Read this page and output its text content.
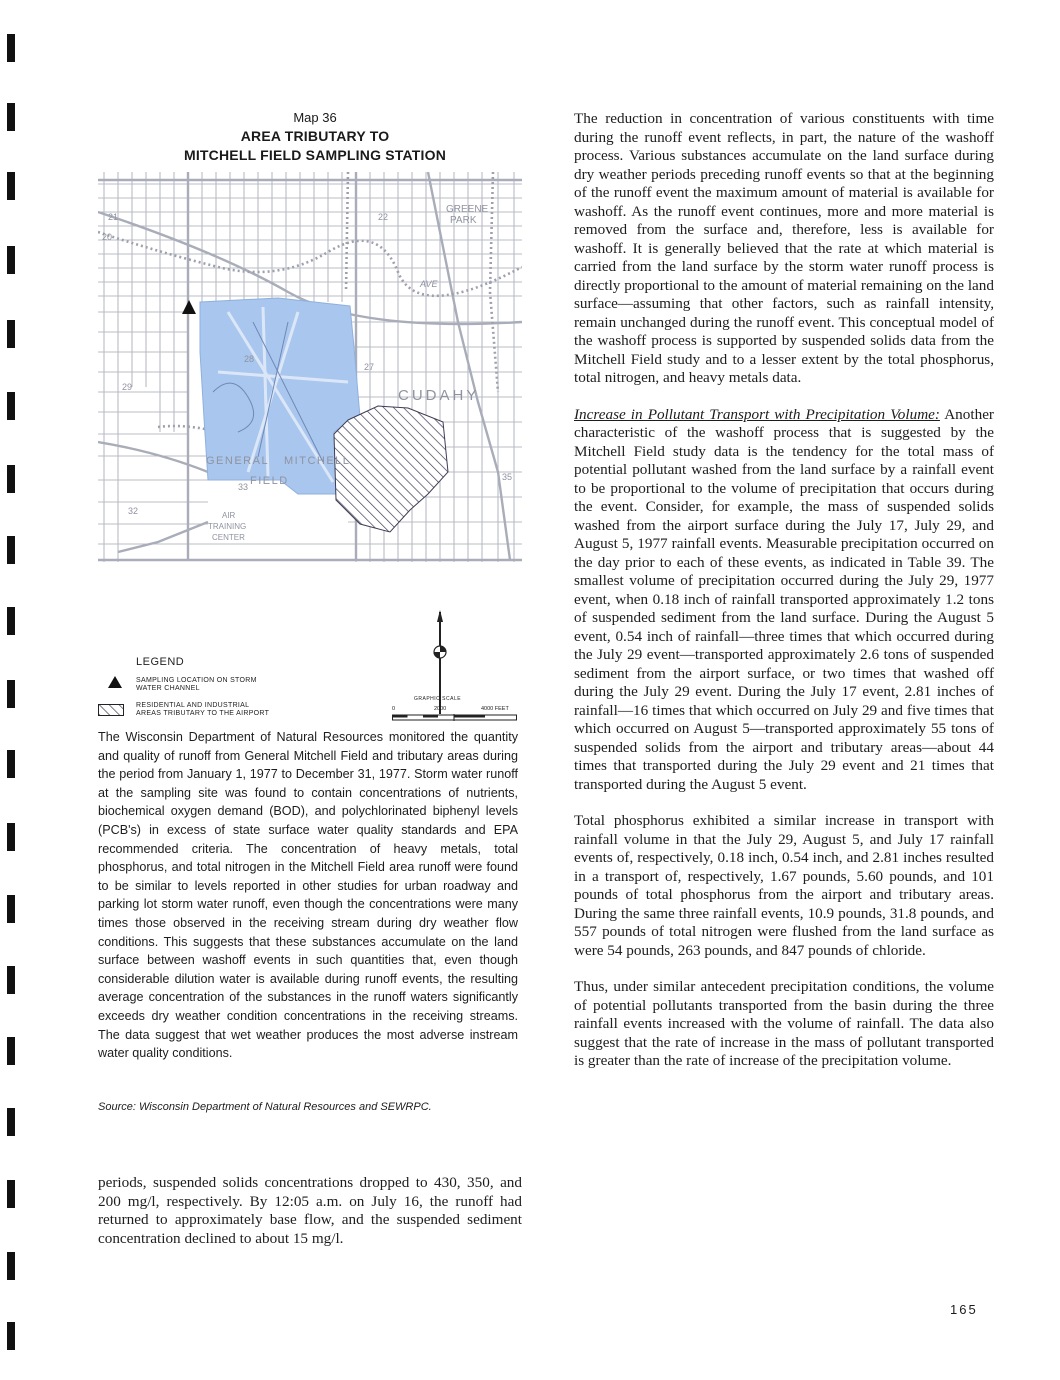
Map 36
AREA TRIBUTARY TO
MITCHELL FIELD SAMPLING STATION
GREENE
PARK
AVE
CUDAHY
GENERAL MITCHELL
FIELD
AIR
TRAINING
CENTER
20
21	22
27
28
29
32
33
35
LEGEND
SAMPLING LOCATION ON STORM
WATER CHANNEL
RESIDENTIAL AND INDUSTRIAL
AREAS TRIBUTARY TO THE AIRPORT
GRAPHIC SCALE
0	2000	4000 FEET

The Wisconsin Department of Natural Resources monitored the quantity and quality of runoff from General Mitchell Field and tributary areas during the period from January 1, 1977 to December 31, 1977. Storm water runoff at the sampling site was found to contain concentrations of nutrients, biochemical oxygen demand (BOD), and polychlorinated biphenyl levels (PCB's) in excess of state surface water quality standards and EPA recommended criteria. The concentration of heavy metals, total phosphorus, and total nitrogen in the Mitchell Field area runoff were found to be similar to levels reported in other studies for urban roadway and parking lot storm water runoff, even though the concentrations were many times those observed in the receiving stream during dry weather flow conditions. This suggests that these substances accumulate on the land surface between washoff events in such quantities that, even though considerable dilution water is available during runoff events, the resulting average concentration of the substances in the runoff waters significantly exceeds dry weather condition concentrations in the receiving streams. The data suggest that wet weather produces the most adverse instream water quality conditions.

Source: Wisconsin Department of Natural Resources and SEWRPC.

periods, suspended solids concentrations dropped to 430, 350, and 200 mg/l, respectively. By 12:05 a.m. on July 16, the runoff had returned to approximately base flow, and the suspended sediment concentration declined to about 15 mg/l.

The reduction in concentration of various constituents with time during the runoff event reflects, in part, the nature of the washoff process. Various substances accumulate on the land surface during dry weather periods preceding runoff events so that at the beginning of the runoff event the maximum amount of material is available for washoff. As the runoff event continues, more and more material is removed from the surface and, therefore, less is available for washoff. It is generally believed that the rate at which material is carried from the land surface by the storm water runoff process is directly proportional to the amount of material remaining on the land surface—assuming that other factors, such as rainfall intensity, remain unchanged during the runoff event. This conceptual model of the washoff process is supported by suspended solids data from the Mitchell Field study and to a lesser extent by the total phosphorus, total nitrogen, and heavy metals data.

Increase in Pollutant Transport with Precipitation Volume: Another characteristic of the washoff process that is suggested by the Mitchell Field study data is the tendency for the total mass of potential pollutant washed from the land surface by a rainfall event to be proportional to the volume of precipitation that occurs during the event. Consider, for example, the mass of suspended solids washed from the airport surface during the July 17, July 29, and August 5, 1977 rainfall events. Measurable precipitation occurred on the day prior to each of these events, as indicated in Table 39. The smallest volume of precipitation occurred during the July 29, 1977 event, when 0.18 inch of rainfall transported approximately 1.2 tons of suspended sediment from the land surface. During the August 5 event, 0.54 inch of rainfall—three times that which occurred during the July 29 event—transported approximately 2.6 tons of suspended sediment from the airport surface, or two times that washed off during the July 29 event. During the July 17 event, 2.81 inches of rainfall—16 times that which occurred on July 29 and five times that which occurred on August 5—transported approximately 55 tons of suspended solids from the airport and tributary areas—about 44 times that transported during the July 29 event and 21 times that transported during the August 5 event.

Total phosphorus exhibited a similar increase in transport with rainfall volume in that the July 29, August 5, and July 17 rainfall events of, respectively, 0.18 inch, 0.54 inch, and 2.81 inches resulted in a transport of, respectively, 1.67 pounds, 5.60 pounds, and 101 pounds of total phosphorus from the airport and tributary areas. During the same three rainfall events, 10.9 pounds, 31.8 pounds, and 557 pounds of total nitrogen were flushed from the land surface as were 54 pounds, 263 pounds, and 847 pounds of chloride.

Thus, under similar antecedent precipitation conditions, the volume of potential pollutants transported from the basin during the three rainfall events increased with the volume of rainfall. The data also suggest that the rate of increase in the mass of pollutant transported is greater than the rate of increase of the precipitation volume.

165
